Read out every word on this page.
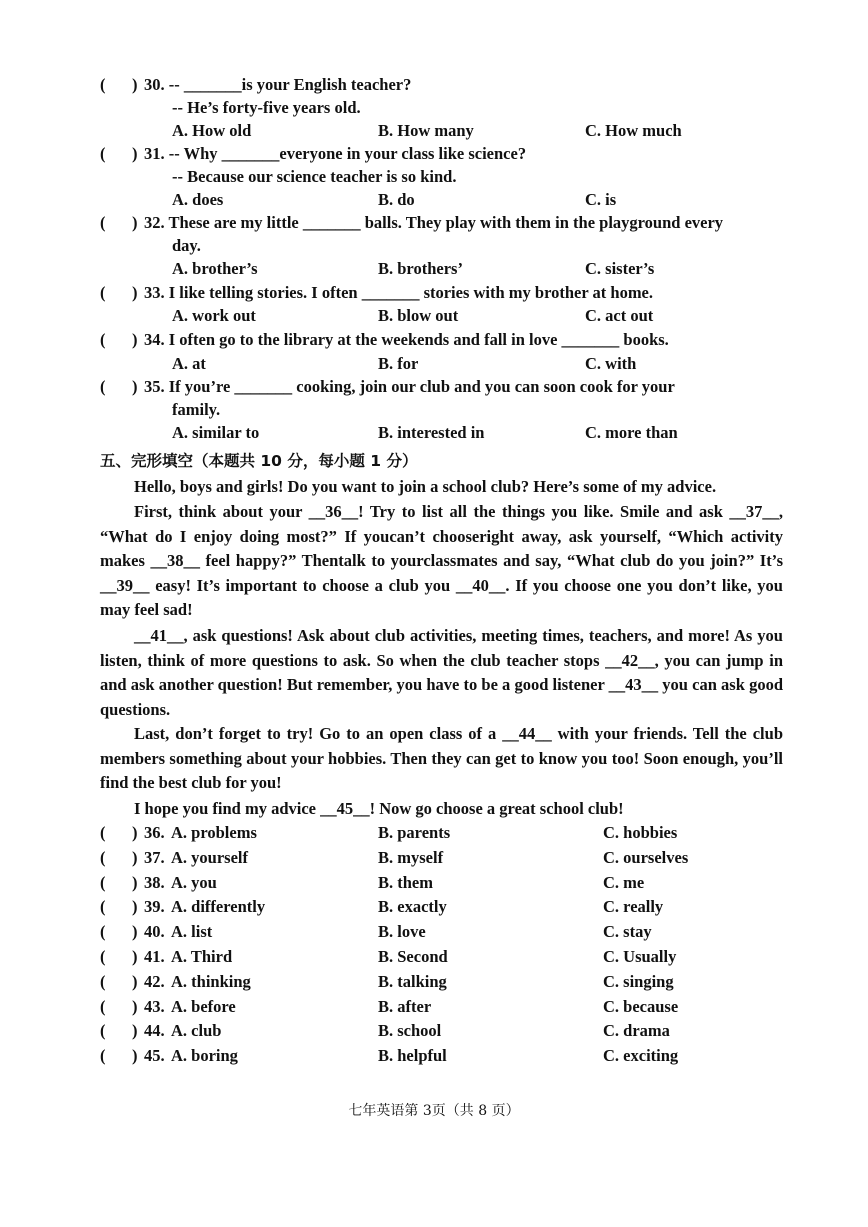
( ) 30. -- _______is your English teacher?
-- He’s forty-five years old.
A. How old	B. How many	C. How much
( ) 31. -- Why _______everyone in your class like science?
-- Because our science teacher is so kind.
A. does	B. do	C. is
( ) 32. These are my little _______ balls. They play with them in the playground every
day.
A. brother’s	B. brothers’	C. sister’s
( ) 33. I like telling stories. I often _______ stories with my brother at home.
A. work out	B. blow out	C. act out
( ) 34. I often go to the library at the weekends and fall in love _______ books.
A. at	B. for	C. with
( ) 35. If you’re _______ cooking, join our club and you can soon cook for your
family.
A. similar to	B. interested in	C. more than
五、完形填空（本题共 10 分，每小题 1 分）
Hello, boys and girls! Do you want to join a school club? Here’s some of my advice.
First, think about your __36__! Try to list all the things you like. Smile and ask __37__, “What do I enjoy doing most?” If youcan’t chooseright away, ask yourself, “Which activity makes __38__ feel happy?” Thentalk to yourclassmates and say, “What club do you join?” It’s __39__ easy! It’s important to choose a club you __40__. If you choose one you don’t like, you may feel sad!
__41__, ask questions! Ask about club activities, meeting times, teachers, and more! As you listen, think of more questions to ask. So when the club teacher stops __42__, you can jump in and ask another question! But remember, you have to be a good listener __43__ you can ask good questions.
Last, don’t forget to try! Go to an open class of a __44__ with your friends. Tell the club members something about your hobbies. Then they can get to know you too! Soon enough, you’ll find the best club for you!
I hope you find my advice __45__! Now go choose a great school club!
( ) 36. A. problems	B. parents	C. hobbies
( ) 37. A. yourself	B. myself	C. ourselves
( ) 38. A. you	B. them	C. me
( ) 39. A. differently	B. exactly	C. really
( ) 40. A. list	B. love	C. stay
( ) 41. A. Third	B. Second	C. Usually
( ) 42. A. thinking	B. talking	C. singing
( ) 43. A. before	B. after	C. because
( ) 44. A. club	B. school	C. drama
( ) 45. A. boring	B. helpful	C. exciting
七年英语第 3页（共 8 页）
